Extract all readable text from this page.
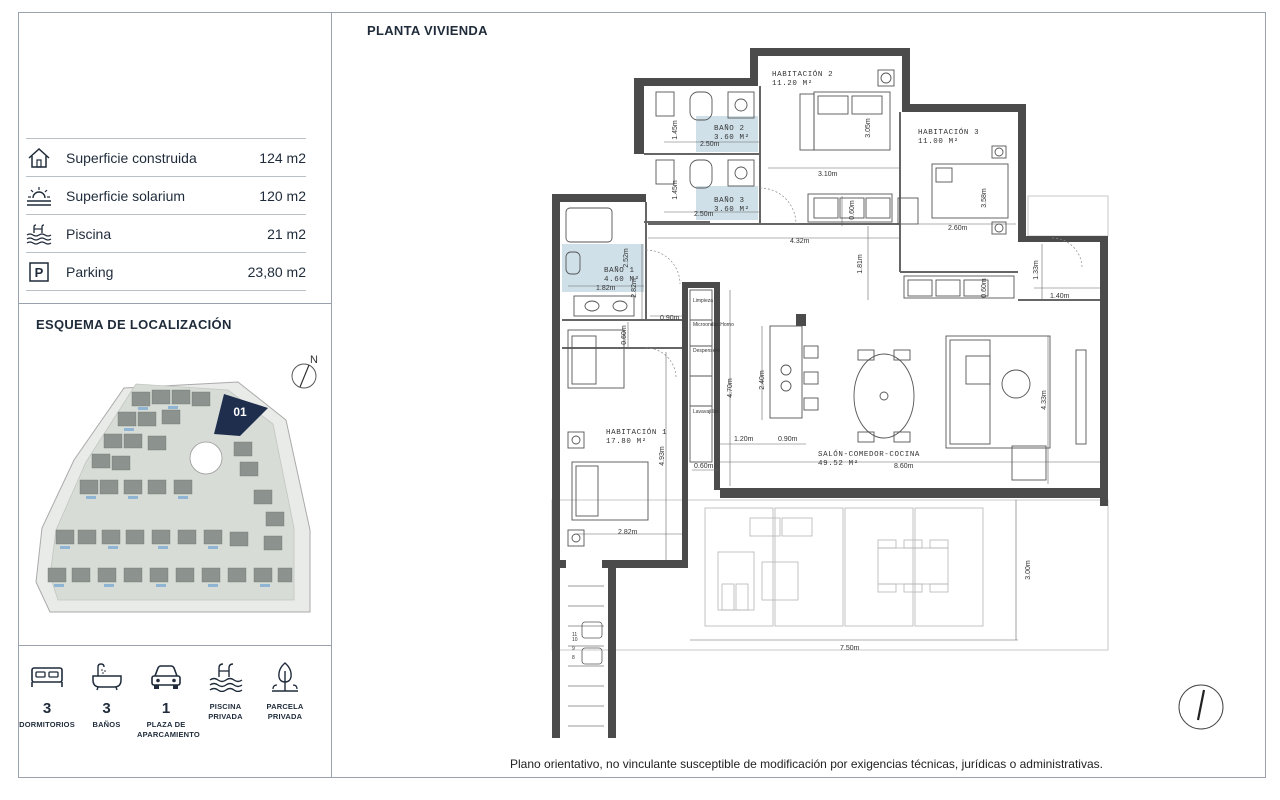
Superficie construida	124 m2
Superficie solarium	120 m2
Piscina	21 m2
P Parking	23,80 m2
ESQUEMA DE LOCALIZACIÓN
N
01
3
DORMITORIOS
3
BAÑOS
1
PLAZA DE
APARCAMIENTO
PISCINA
PRIVADA
PARCELA
PRIVADA
PLANTA VIVIENDA
11
10
9
8
1.45m
2.50m
3.05m
3.10m
0.60m
1.45m
2.50m
3.58m
2.60m
4.32m
1.81m
0.60m
1.33m
1.40m
2.52m
1.82m 2.82m
0.90m
0.60m
2.40m
4.70m
4.33m
1.20m	0.90m
4.93m
0.60m	8.60m
2.82m
3.00m
7.50m
Limpieza
Microondas Horno
Despensero
Lavavajillas
HABITACIÓN 2
11.20 M²
HABITACIÓN 3
11.00 M²
BAÑO 2
3.60 M²
BAÑO 3
3.60 M²
BAÑO 1
4.60 M²
HABITACIÓN 1
17.80 M²
SALÓN-COMEDOR-COCINA
49.52 M²
Plano orientativo, no vinculante susceptible de modificación por exigencias técnicas, jurídicas o administrativas.
